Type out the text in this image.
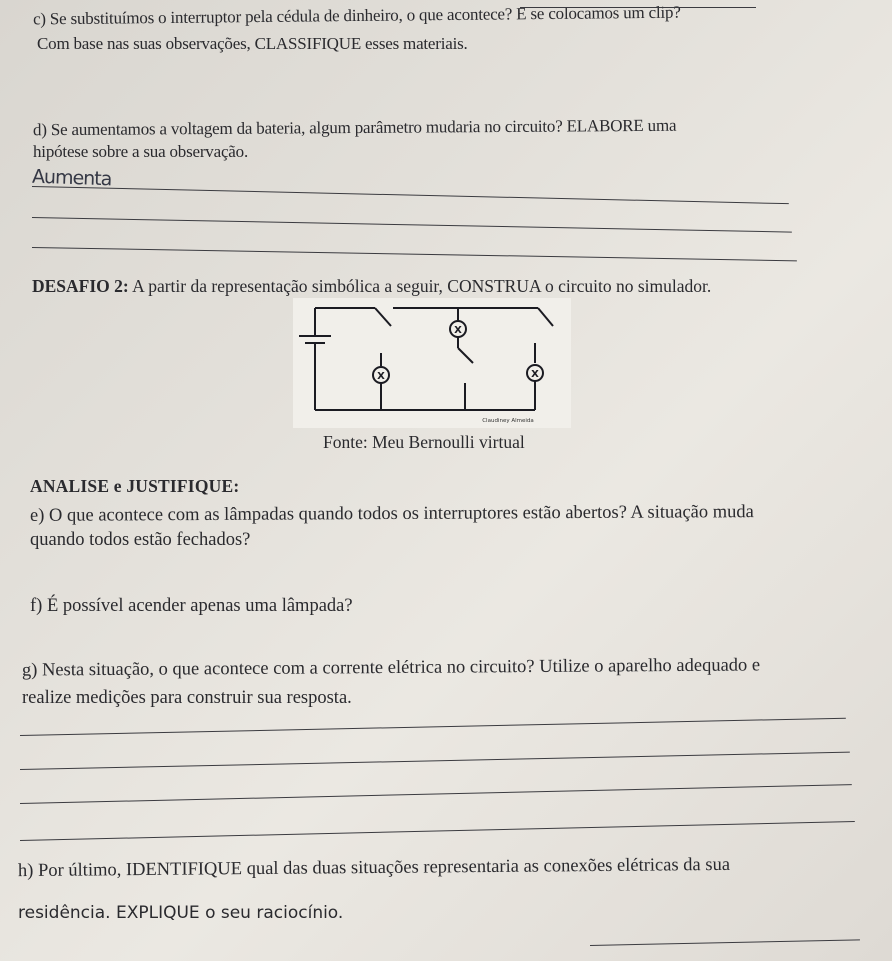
c) Se substituímos o interruptor pela cédula de dinheiro, o que acontece? E se colocamos um clip?
Com base nas suas observações, CLASSIFIQUE esses materiais.
d) Se aumentamos a voltagem da bateria, algum parâmetro mudaria no circuito? ELABORE uma
hipótese sobre a sua observação.
Aumenta
DESAFIO 2: A partir da representação simbólica a seguir, CONSTRUA o circuito no simulador.
X
X	X
Claudiney Almeida
Fonte: Meu Bernoulli virtual
ANALISE e JUSTIFIQUE:
e) O que acontece com as lâmpadas quando todos os interruptores estão abertos? A situação muda
quando todos estão fechados?
f) É possível acender apenas uma lâmpada?
g) Nesta situação, o que acontece com a corrente elétrica no circuito? Utilize o aparelho adequado e
realize medições para construir sua resposta.
h) Por último, IDENTIFIQUE qual das duas situações representaria as conexões elétricas da sua
residência. EXPLIQUE o seu raciocínio.
